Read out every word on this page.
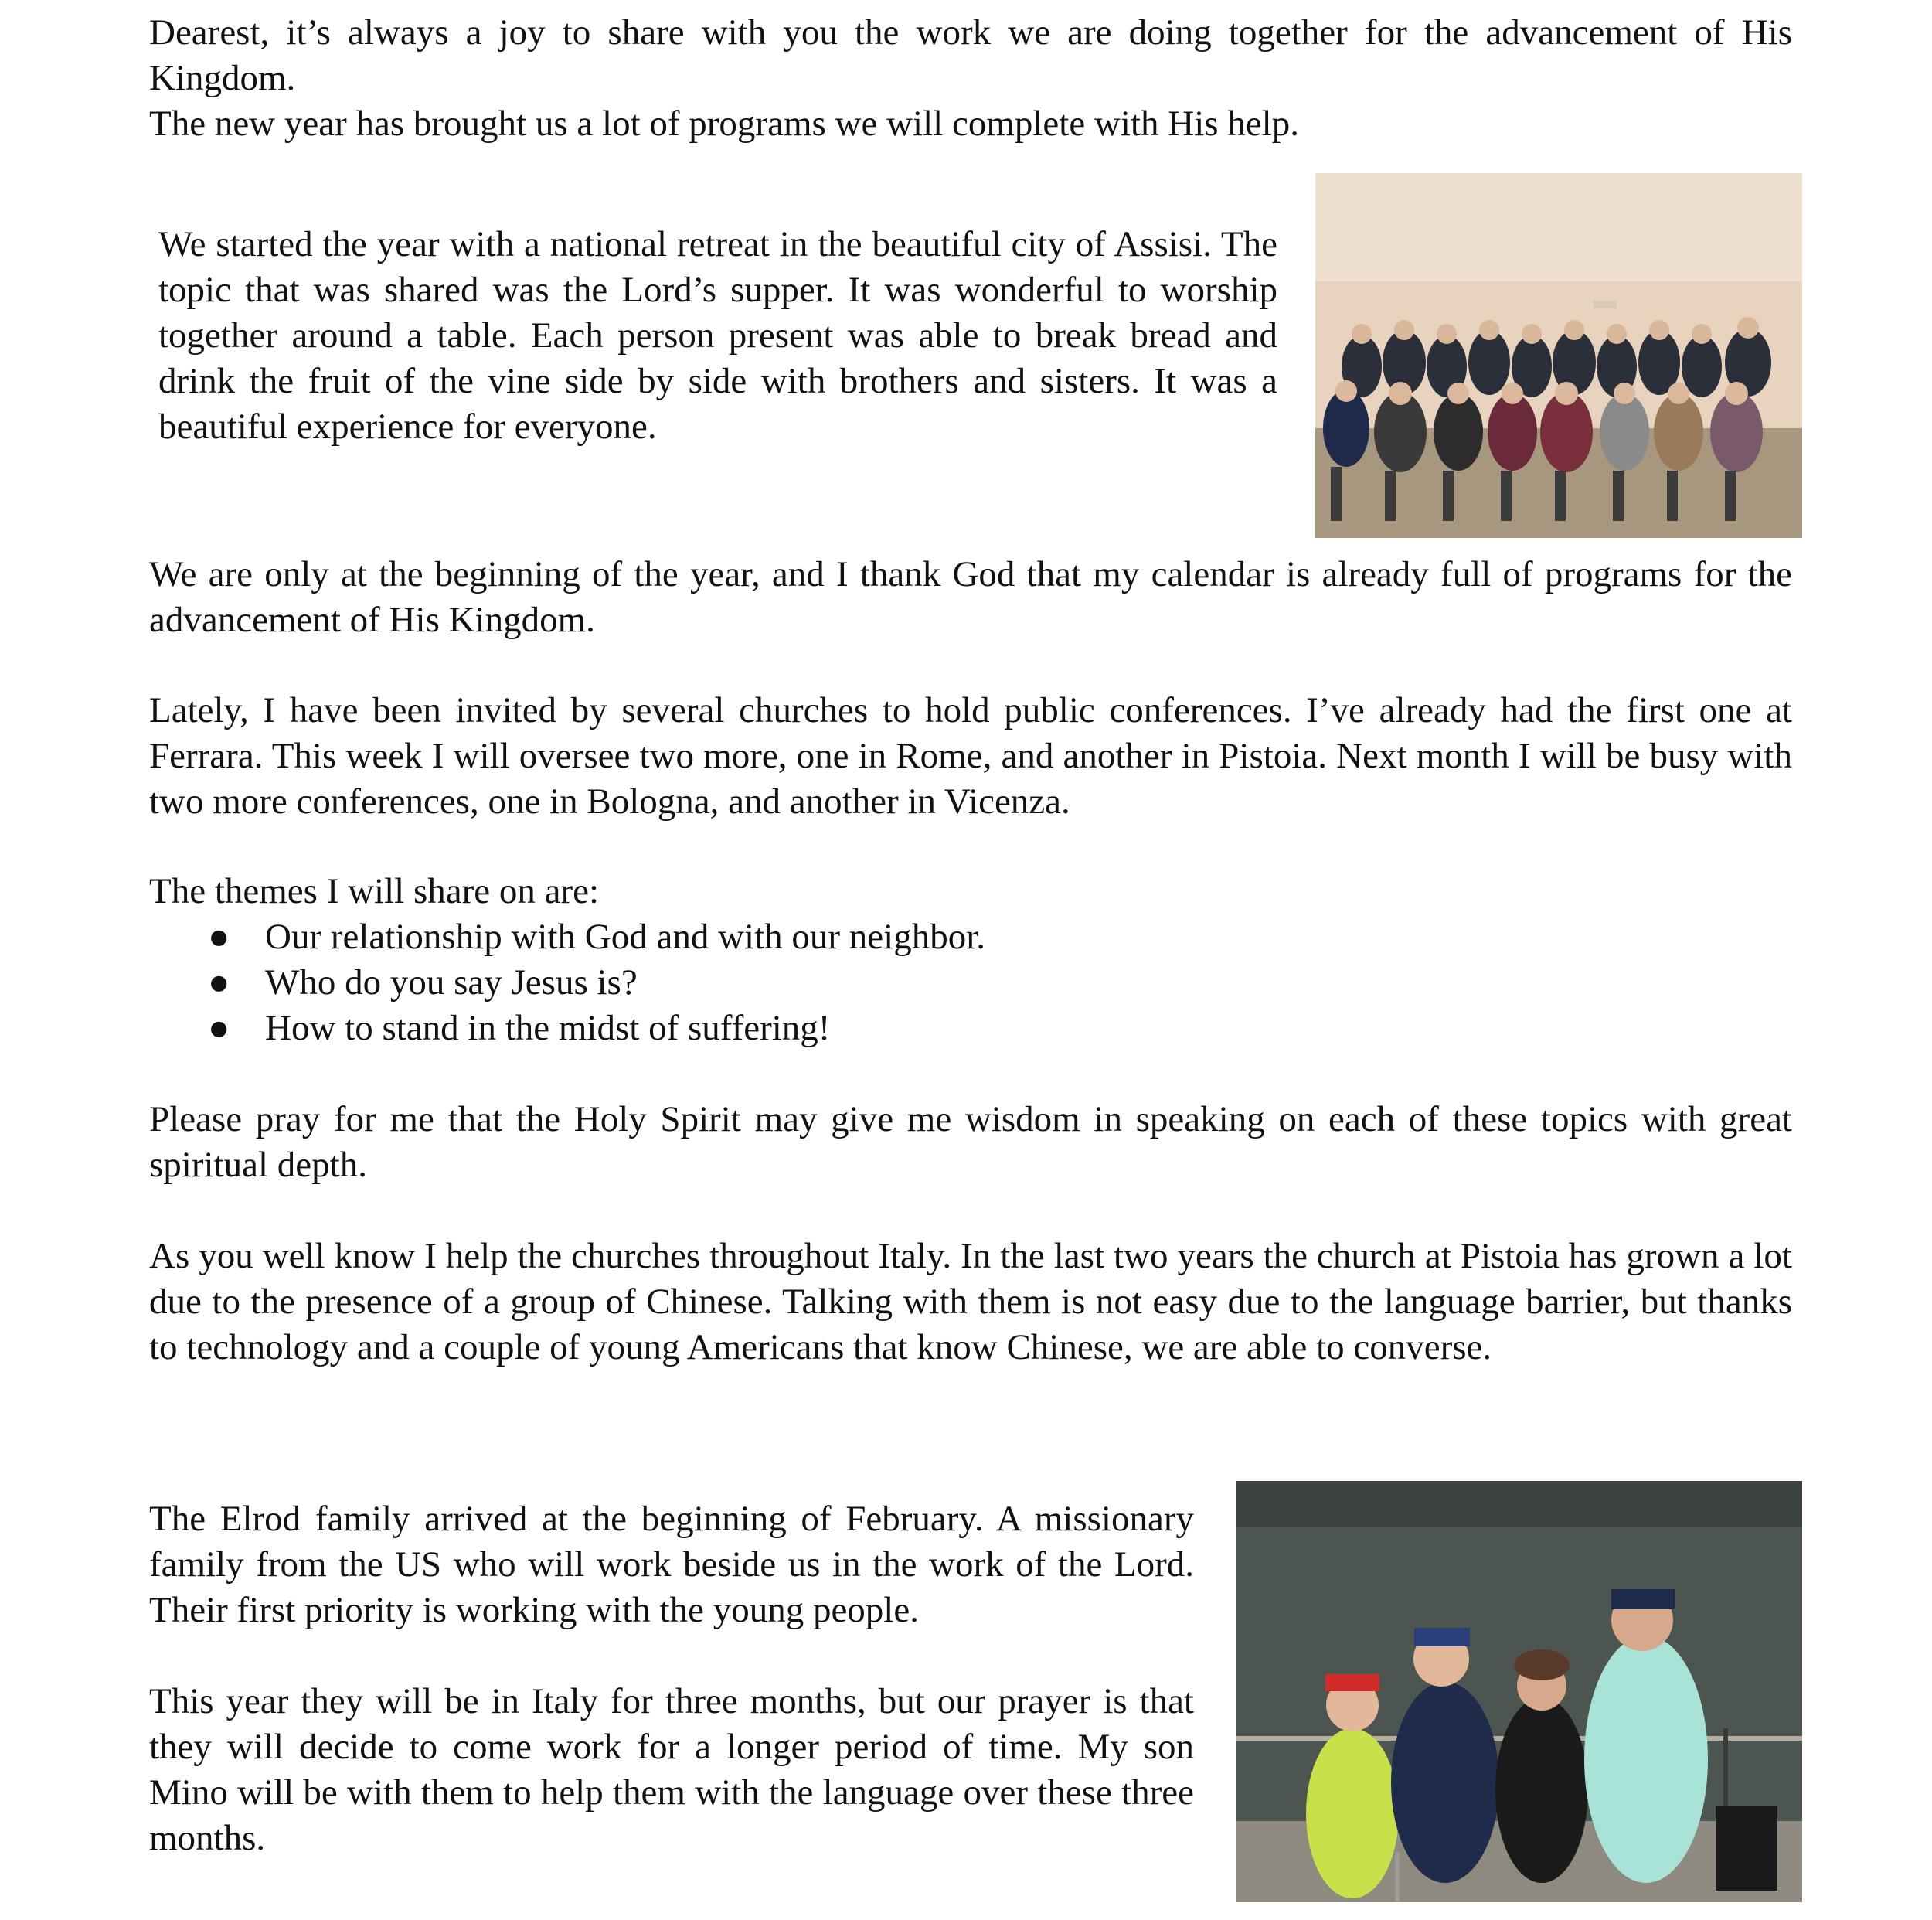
Dearest, it’s always a joy to share with you the work we are doing together for the advancement of His Kingdom.

The new year has brought us a lot of programs we will complete with His help.

We started the year with a national retreat in the beautiful city of Assisi. The topic that was shared was the Lord’s supper. It was wonderful to worship together around a table. Each person present was able to break bread and drink the fruit of the vine side by side with brothers and sisters. It was a beautiful experience for everyone.

We are only at the beginning of the year, and I thank God that my calendar is already full of programs for the advancement of His Kingdom.

Lately, I have been invited by several churches to hold public conferences. I’ve already had the first one at Ferrara. This week I will oversee two more, one in Rome, and another in Pistoia. Next month I will be busy with two more conferences, one in Bologna, and another in Vicenza.

The themes I will share on are:

● Our relationship with God and with our neighbor.
● Who do you say Jesus is?
● How to stand in the midst of suffering!

Please pray for me that the Holy Spirit may give me wisdom in speaking on each of these topics with great spiritual depth.

As you well know I help the churches throughout Italy. In the last two years the church at Pistoia has grown a lot due to the presence of a group of Chinese. Talking with them is not easy due to the language barrier, but thanks to technology and a couple of young Americans that know Chinese, we are able to converse.

The Elrod family arrived at the beginning of February. A missionary family from the US who will work beside us in the work of the Lord. Their first priority is working with the young people.

This year they will be in Italy for three months, but our prayer is that they will decide to come work for a longer period of time. My son Mino will be with them to help them with the language over these three months.
